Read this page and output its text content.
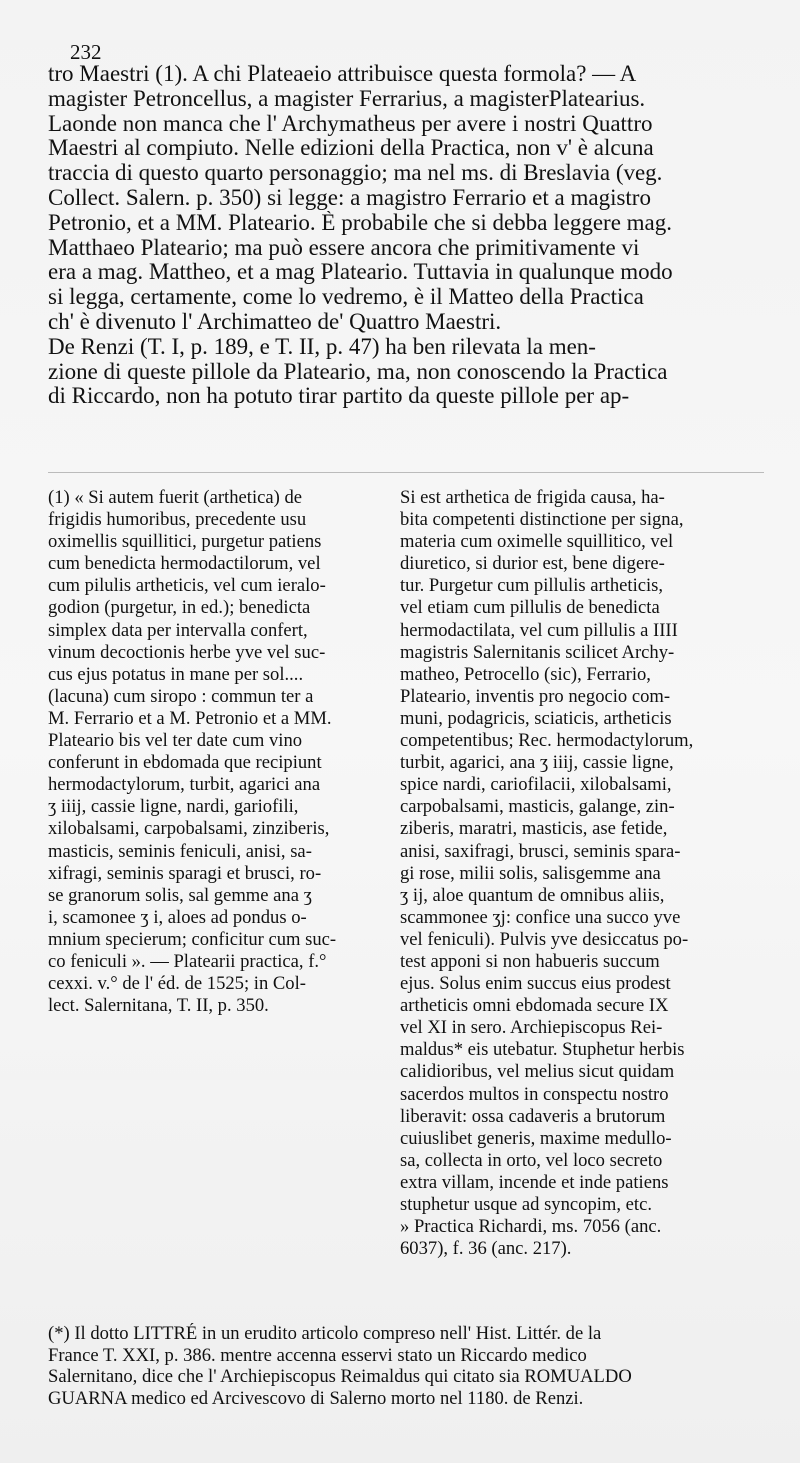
232
tro Maestri (1). A chi Plateaeio attribuisce questa formola? — A
magister Petroncellus, a magister Ferrarius, a magisterPlatearius.
Laonde non manca che l' Archymatheus per avere i nostri Quattro
Maestri al compiuto. Nelle edizioni della Practica, non v' è alcuna
traccia di questo quarto personaggio; ma nel ms. di Breslavia (veg.
Collect. Salern. p. 350) si legge: a magistro Ferrario et a magistro
Petronio, et a MM. Plateario. È probabile che si debba leggere mag.
Matthaeo Plateario; ma può essere ancora che primitivamente vi
era a mag. Mattheo, et a mag Plateario. Tuttavia in qualunque modo
si legga, certamente, come lo vedremo, è il Matteo della Practica
ch' è divenuto l' Archimatteo de' Quattro Maestri.
De Renzi (T. I, p. 189, e T. II, p. 47) ha ben rilevata la men-
zione di queste pillole da Plateario, ma, non conoscendo la Practica
di Riccardo, non ha potuto tirar partito da queste pillole per ap-
(1) « Si autem fuerit (arthetica) de
frigidis humoribus, precedente usu
oximellis squillitici, purgetur patiens
cum benedicta hermodactilorum, vel
cum pilulis artheticis, vel cum ieralo-
godion (purgetur, in ed.); benedicta
simplex data per intervalla confert,
vinum decoctionis herbe yve vel suc-
cus ejus potatus in mane per sol....
(lacuna) cum siropo : commun ter a
M. Ferrario et a M. Petronio et a MM.
Plateario bis vel ter date cum vino
conferunt in ebdomada que recipiunt
hermodactylorum, turbit, agarici ana
ʒ iiij, cassie ligne, nardi, gariofili,
xilobalsami, carpobalsami, zinziberis,
masticis, seminis feniculi, anisi, sa-
xifragi, seminis sparagi et brusci, ro-
se granorum solis, sal gemme ana ʒ
i, scamonee ʒ i, aloes ad pondus o-
mnium specierum; conficitur cum suc-
co feniculi ». — Platearii practica, f.°
cexxi. v.° de l' éd. de 1525; in Col-
lect. Salernitana, T. II, p. 350.
Si est arthetica de frigida causa, ha-
bita competenti distinctione per signa,
materia cum oximelle squillitico, vel
diuretico, si durior est, bene digere-
tur. Purgetur cum pillulis artheticis,
vel etiam cum pillulis de benedicta
hermodactilata, vel cum pillulis a IIII
magistris Salernitanis scilicet Archy-
matheo, Petrocello (sic), Ferrario,
Plateario, inventis pro negocio com-
muni, podagricis, sciaticis, artheticis
competentibus; Rec. hermodactylorum,
turbit, agarici, ana ʒ iiij, cassie ligne,
spice nardi, cariofilacii, xilobalsami,
carpobalsami, masticis, galange, zin-
ziberis, maratri, masticis, ase fetide,
anisi, saxifragi, brusci, seminis spara-
gi rose, milii solis, salisgemme ana
ʒ ij, aloe quantum de omnibus aliis,
scammonee ʒj: confice una succo yve
vel feniculi). Pulvis yve desiccatus po-
test apponi si non habueris succum
ejus. Solus enim succus eius prodest
artheticis omni ebdomada secure IX
vel XI in sero. Archiepiscopus Rei-
maldus* eis utebatur. Stuphetur herbis
calidioribus, vel melius sicut quidam
sacerdos multos in conspectu nostro
liberavit: ossa cadaveris a brutorum
cuiuslibet generis, maxime medullo-
sa, collecta in orto, vel loco secreto
extra villam, incende et inde patiens
stuphetur usque ad syncopim, etc.
» Practica Richardi, ms. 7056 (anc.
6037), f. 36 (anc. 217).
(*) Il dotto LITTRÉ in un erudito articolo compreso nell' Hist. Littér. de la
France T. XXI, p. 386. mentre accenna esservi stato un Riccardo medico
Salernitano, dice che l' Archiepiscopus Reimaldus qui citato sia ROMUALDO
GUARNA medico ed Arcivescovo di Salerno morto nel 1180. de Renzi.
